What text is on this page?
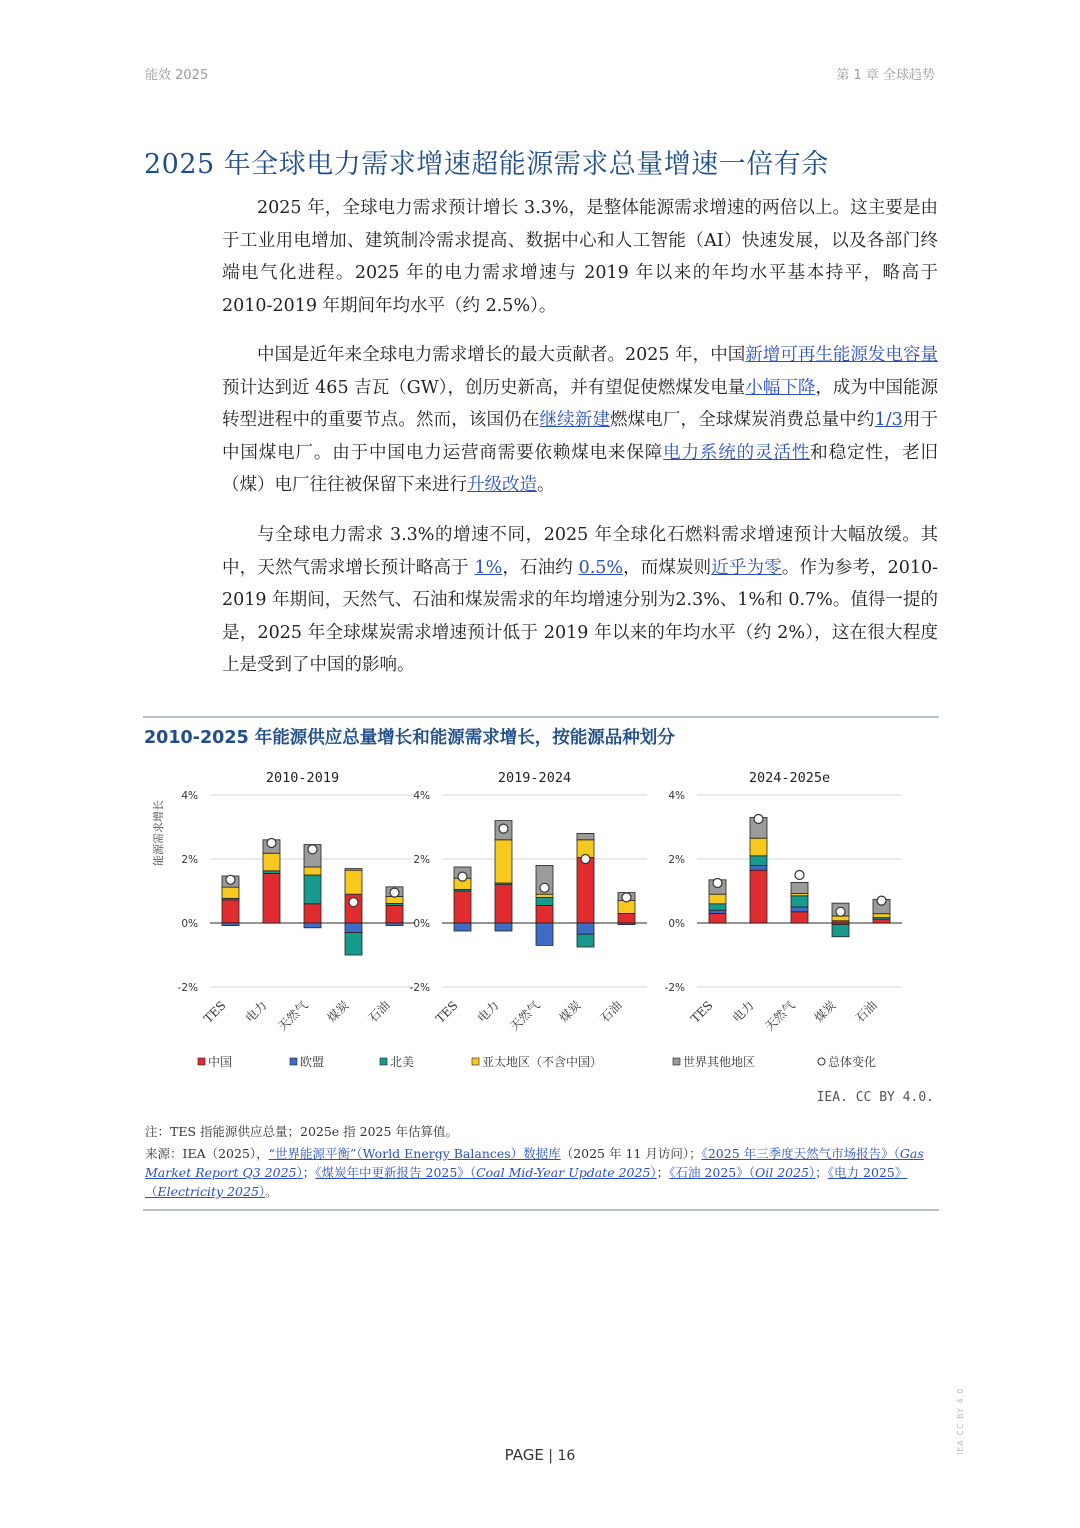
能效 2025	第 1 章 全球趋势
2025 年全球电力需求增速超能源需求总量增速一倍有余

2025 年，全球电力需求预计增长 3.3%，是整体能源需求增速的两倍以上。这主要是由于工业用电增加、建筑制冷需求提高、数据中心和人工智能（AI）快速发展，以及各部门终端电气化进程。2025 年的电力需求增速与 2019 年以来的年均水平基本持平，略高于 2010-2019 年期间年均水平（约 2.5%）。

中国是近年来全球电力需求增长的最大贡献者。2025 年，中国新增可再生能源发电容量预计达到近 465 吉瓦（GW），创历史新高，并有望促使燃煤发电量小幅下降，成为中国能源转型进程中的重要节点。然而，该国仍在继续新建燃煤电厂，全球煤炭消费总量中约1/3用于中国煤电厂。由于中国电力运营商需要依赖煤电来保障电力系统的灵活性和稳定性，老旧（煤）电厂往往被保留下来进行升级改造。

与全球电力需求 3.3%的增速不同，2025 年全球化石燃料需求增速预计大幅放缓。其中，天然气需求增长预计略高于 1%，石油约 0.5%，而煤炭则近乎为零。作为参考，2010-2019 年期间，天然气、石油和煤炭需求的年均增速分别为2.3%、1%和 0.7%。值得一提的是，2025 年全球煤炭需求增速预计低于 2019 年以来的年均水平（约 2%），这在很大程度上是受到了中国的影响。

2010-2025 年能源供应总量增长和能源需求增长，按能源品种划分
能源需求增长
2010-2019
4%
2%
0%
-2%
TES 电力 天然气 煤炭 石油
2019-2024
4%
2%
0%
-2%
TES 电力 天然气 煤炭 石油
2024-2025e
4%
2%
0%
-2%
TES 电力 天然气 煤炭 石油
中国	欧盟	北美	亚太地区（不含中国）	世界其他地区	总体变化
IEA. CC BY 4.0.
注：TES 指能源供应总量；2025e 指 2025 年估算值。
来源：IEA（2025），“世界能源平衡”（World Energy Balances）数据库（2025 年 11 月访问）；《2025 年三季度天然气市场报告》（Gas Market Report Q3 2025）；《煤炭年中更新报告 2025》（Coal Mid-Year Update 2025）；《石油 2025》（Oil 2025）；《电力 2025》（Electricity 2025）。
IEA CC BY 4.0
PAGE | 16
